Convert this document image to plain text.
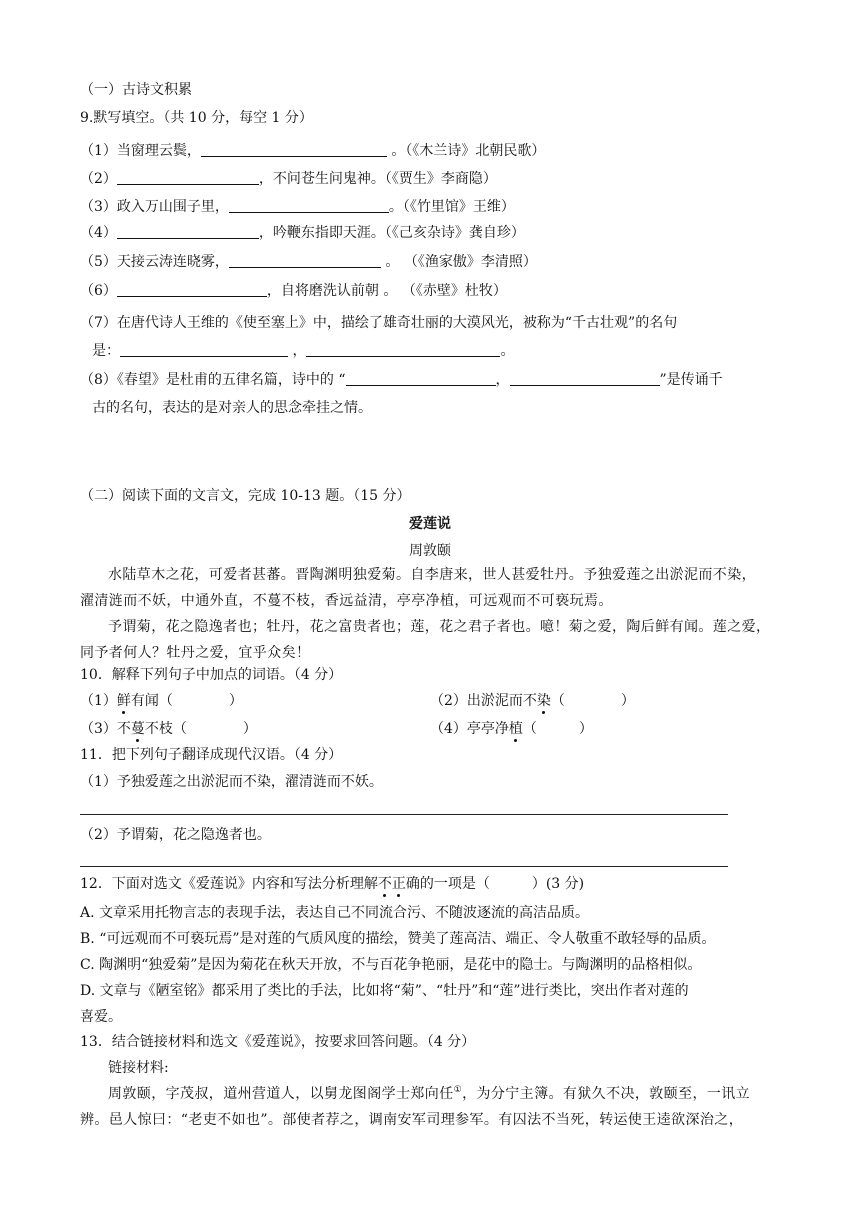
（一）古诗文积累
9.默写填空。（共 10 分，每空 1 分）
（1）当窗理云鬓，	。（《木兰诗》北朝民歌）
（2）	，不问苍生问鬼神。（《贾生》李商隐）
（3）政入万山围子里，	。（《竹里馆》王维）
（4）	，吟鞭东指即天涯。（《己亥杂诗》龚自珍）
（5）天接云涛连晓雾，	。 （《渔家傲》李清照）
（6）	，自将磨洗认前朝 。 （《赤壁》杜牧）
（7）在唐代诗人王维的《使至塞上》中，描绘了雄奇壮丽的大漠风光，被称为“千古壮观”的名句
是：	，	。
（8）《春望》是杜甫的五律名篇，诗中的 “	，	”是传诵千
古的名句，表达的是对亲人的思念牵挂之情。
（二）阅读下面的文言文，完成 10-13 题。（15 分）
爱莲说
周敦颐
水陆草木之花，可爱者甚蕃。晋陶渊明独爱菊。自李唐来，世人甚爱牡丹。予独爱莲之出淤泥而不染，
濯清涟而不妖，中通外直，不蔓不枝，香远益清，亭亭净植，可远观而不可亵玩焉。
予谓菊，花之隐逸者也；牡丹，花之富贵者也；莲，花之君子者也。噫！菊之爱，陶后鲜有闻。莲之爱，
同予者何人？牡丹之爱，宜乎众矣！
10．解释下列句子中加点的词语。（4 分）
（1）鲜有闻（　　　　）	（2）出淤泥而不染（　　　　）
（3）不蔓不枝（　　　　）	（4）亭亭净植（　　　）
11．把下列句子翻译成现代汉语。（4 分）
（1）予独爱莲之出淤泥而不染，濯清涟而不妖。
（2）予谓菊，花之隐逸者也。
12．下面对选文《爱莲说》内容和写法分析理解不正确的一项是（　　　）(3 分)
A. 文章采用托物言志的表现手法，表达自己不同流合污、不随波逐流的高洁品质。
B. “可远观而不可亵玩焉”是对莲的气质风度的描绘，赞美了莲高洁、端正、令人敬重不敢轻辱的品质。
C. 陶渊明“独爱菊”是因为菊花在秋天开放，不与百花争艳丽，是花中的隐士。与陶渊明的品格相似。
D. 文章与《陋室铭》都采用了类比的手法，比如将“菊”、“牡丹”和“莲”进行类比，突出作者对莲的
喜爱。
13．结合链接材料和选文《爱莲说》，按要求回答问题。（4 分）
链接材料:
周敦颐，字茂叔，道州营道人，以舅龙图阁学士郑向任①，为分宁主簿。有狱久不决，敦颐至，一讯立
辨。邑人惊曰：“老吏不如也”。部使者荐之，调南安军司理参军。有囚法不当死，转运使王逵欲深治之，
